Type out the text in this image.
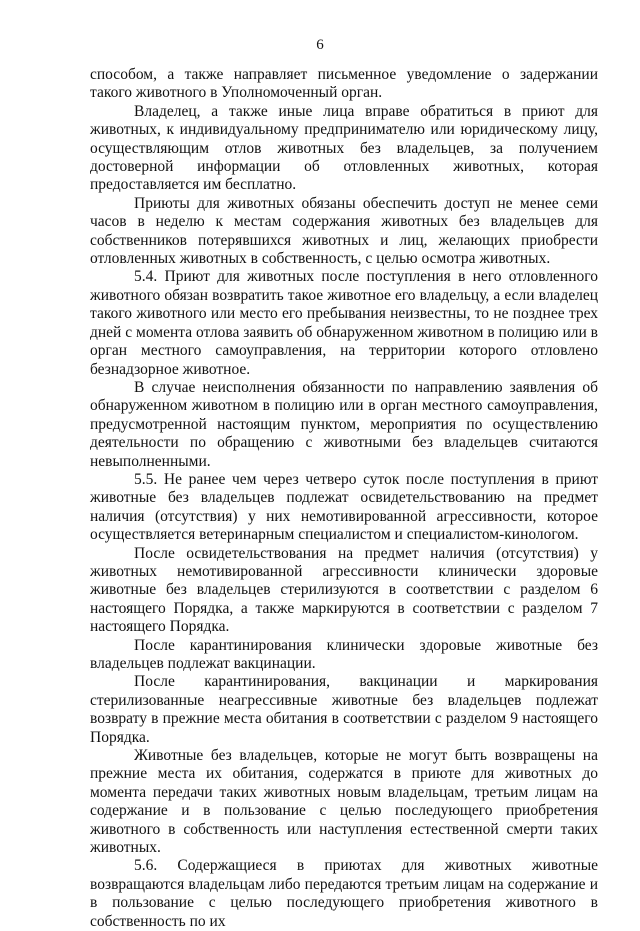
6

способом, а также направляет письменное уведомление о задержании такого животного в Уполномоченный орган.

Владелец, а также иные лица вправе обратиться в приют для животных, к индивидуальному предпринимателю или юридическому лицу, осуществляющим отлов животных без владельцев, за получением достоверной информации об отловленных животных, которая предоставляется им бесплатно.

Приюты для животных обязаны обеспечить доступ не менее семи часов в неделю к местам содержания животных без владельцев для собственников потерявшихся животных и лиц, желающих приобрести отловленных животных в собственность, с целью осмотра животных.

5.4. Приют для животных после поступления в него отловленного животного обязан возвратить такое животное его владельцу, а если владелец такого животного или место его пребывания неизвестны, то не позднее трех дней с момента отлова заявить об обнаруженном животном в полицию или в орган местного самоуправления, на территории которого отловлено безнадзорное животное.

В случае неисполнения обязанности по направлению заявления об обнаруженном животном в полицию или в орган местного самоуправления, предусмотренной настоящим пунктом, мероприятия по осуществлению деятельности по обращению с животными без владельцев считаются невыполненными.

5.5. Не ранее чем через четверо суток после поступления в приют животные без владельцев подлежат освидетельствованию на предмет наличия (отсутствия) у них немотивированной агрессивности, которое осуществляется ветеринарным специалистом и специалистом-кинологом.

После освидетельствования на предмет наличия (отсутствия) у животных немотивированной агрессивности клинически здоровые животные без владельцев стерилизуются в соответствии с разделом 6 настоящего Порядка, а также маркируются в соответствии с разделом 7 настоящего Порядка.

После карантинирования клинически здоровые животные без владельцев подлежат вакцинации.

После карантинирования, вакцинации и маркирования стерилизованные неагрессивные животные без владельцев подлежат возврату в прежние места обитания в соответствии с разделом 9 настоящего Порядка.

Животные без владельцев, которые не могут быть возвращены на прежние места их обитания, содержатся в приюте для животных до момента передачи таких животных новым владельцам, третьим лицам на содержание и в пользование с целью последующего приобретения животного в собственность или наступления естественной смерти таких животных.

5.6. Содержащиеся в приютах для животных животные возвращаются владельцам либо передаются третьим лицам на содержание и в пользование с целью последующего приобретения животного в собственность по их
